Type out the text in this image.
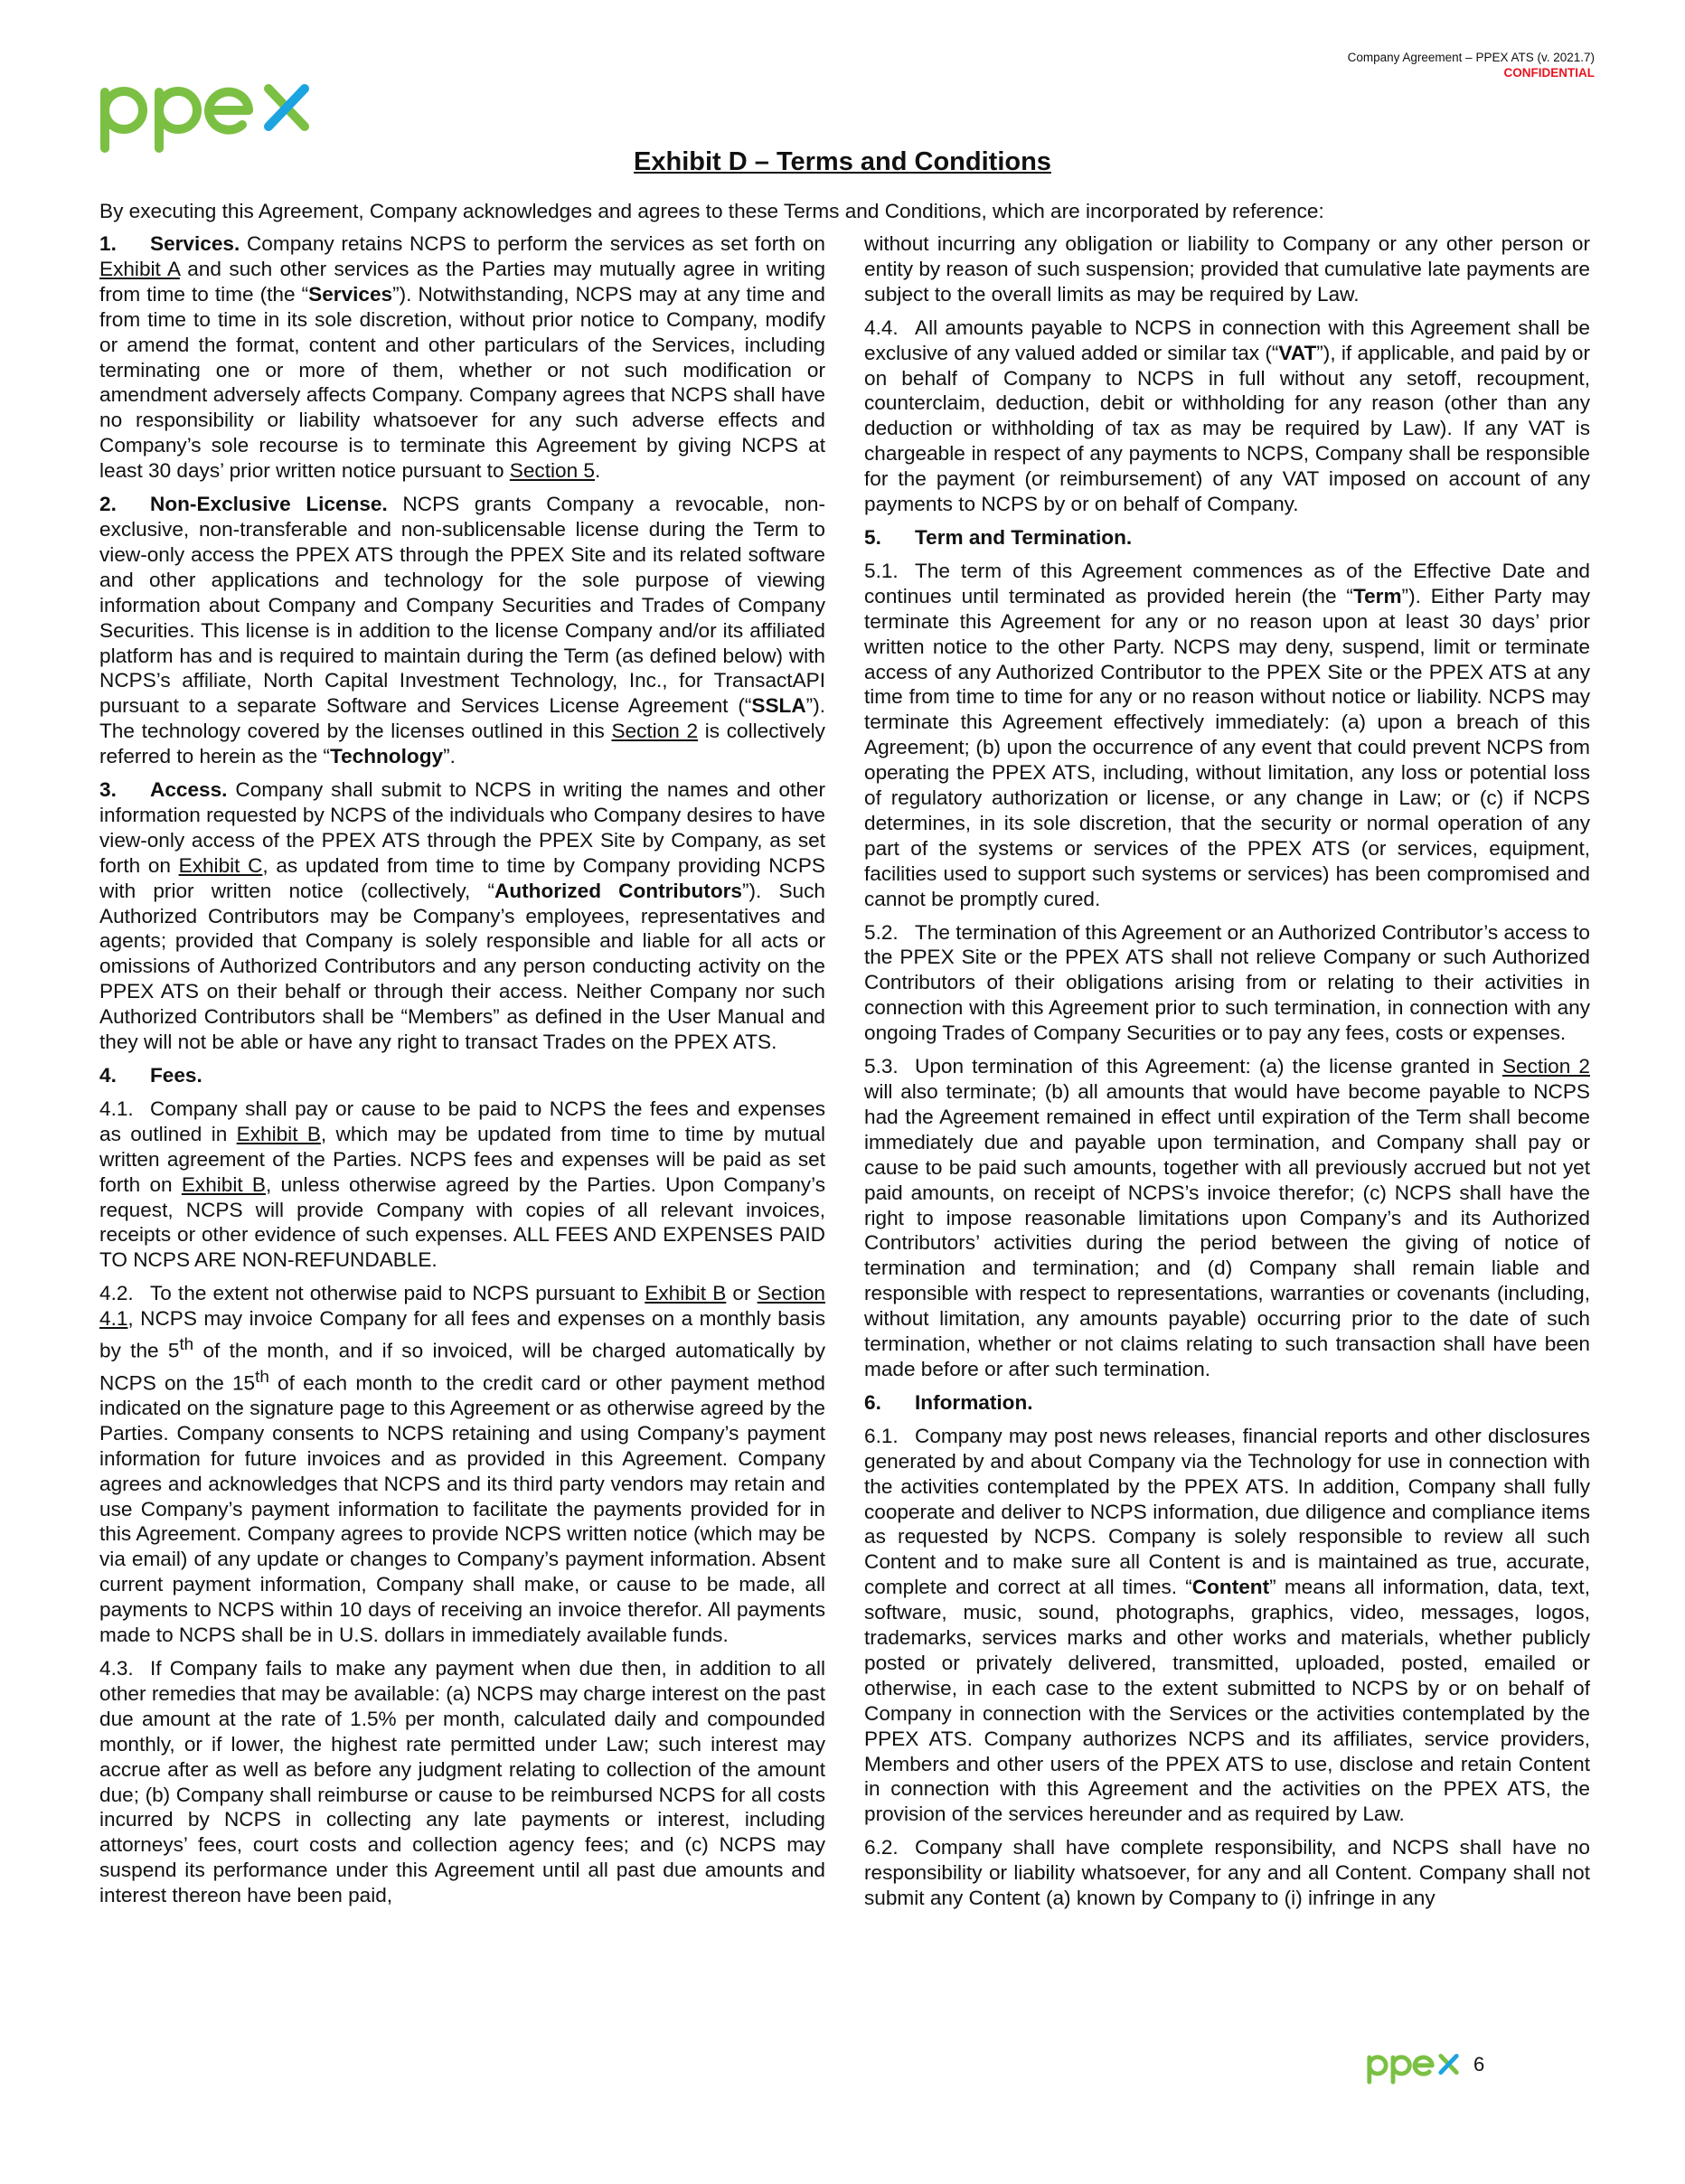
Company Agreement – PPEX ATS (v. 2021.7)
CONFIDENTIAL
Exhibit D – Terms and Conditions
By executing this Agreement, Company acknowledges and agrees to these Terms and Conditions, which are incorporated by reference:

1. Services. Company retains NCPS to perform the services as set forth on Exhibit A and such other services as the Parties may mutually agree in writing from time to time (the “Services”). Notwithstanding, NCPS may at any time and from time to time in its sole discretion, without prior notice to Company, modify or amend the format, content and other particulars of the Services, including terminating one or more of them, whether or not such modification or amendment adversely affects Company. Company agrees that NCPS shall have no responsibility or liability whatsoever for any such adverse effects and Company’s sole recourse is to terminate this Agreement by giving NCPS at least 30 days’ prior written notice pursuant to Section 5.

2. Non-Exclusive License. NCPS grants Company a revocable, non-exclusive, non-transferable and non-sublicensable license during the Term to view-only access the PPEX ATS through the PPEX Site and its related software and other applications and technology for the sole purpose of viewing information about Company and Company Securities and Trades of Company Securities. This license is in addition to the license Company and/or its affiliated platform has and is required to maintain during the Term (as defined below) with NCPS’s affiliate, North Capital Investment Technology, Inc., for TransactAPI pursuant to a separate Software and Services License Agreement (“SSLA”). The technology covered by the licenses outlined in this Section 2 is collectively referred to herein as the “Technology”.

3. Access. Company shall submit to NCPS in writing the names and other information requested by NCPS of the individuals who Company desires to have view-only access of the PPEX ATS through the PPEX Site by Company, as set forth on Exhibit C, as updated from time to time by Company providing NCPS with prior written notice (collectively, “Authorized Contributors”). Such Authorized Contributors may be Company’s employees, representatives and agents; provided that Company is solely responsible and liable for all acts or omissions of Authorized Contributors and any person conducting activity on the PPEX ATS on their behalf or through their access. Neither Company nor such Authorized Contributors shall be “Members” as defined in the User Manual and they will not be able or have any right to transact Trades on the PPEX ATS.

4. Fees.

4.1. Company shall pay or cause to be paid to NCPS the fees and expenses as outlined in Exhibit B, which may be updated from time to time by mutual written agreement of the Parties. NCPS fees and expenses will be paid as set forth on Exhibit B, unless otherwise agreed by the Parties. Upon Company’s request, NCPS will provide Company with copies of all relevant invoices, receipts or other evidence of such expenses. ALL FEES AND EXPENSES PAID TO NCPS ARE NON-REFUNDABLE.

4.2. To the extent not otherwise paid to NCPS pursuant to Exhibit B or Section 4.1, NCPS may invoice Company for all fees and expenses on a monthly basis by the 5th of the month, and if so invoiced, will be charged automatically by NCPS on the 15th of each month to the credit card or other payment method indicated on the signature page to this Agreement or as otherwise agreed by the Parties. Company consents to NCPS retaining and using Company’s payment information for future invoices and as provided in this Agreement. Company agrees and acknowledges that NCPS and its third party vendors may retain and use Company’s payment information to facilitate the payments provided for in this Agreement. Company agrees to provide NCPS written notice (which may be via email) of any update or changes to Company’s payment information. Absent current payment information, Company shall make, or cause to be made, all payments to NCPS within 10 days of receiving an invoice therefor. All payments made to NCPS shall be in U.S. dollars in immediately available funds.

4.3. If Company fails to make any payment when due then, in addition to all other remedies that may be available: (a) NCPS may charge interest on the past due amount at the rate of 1.5% per month, calculated daily and compounded monthly, or if lower, the highest rate permitted under Law; such interest may accrue after as well as before any judgment relating to collection of the amount due; (b) Company shall reimburse or cause to be reimbursed NCPS for all costs incurred by NCPS in collecting any late payments or interest, including attorneys’ fees, court costs and collection agency fees; and (c) NCPS may suspend its performance under this Agreement until all past due amounts and interest thereon have been paid,

without incurring any obligation or liability to Company or any other person or entity by reason of such suspension; provided that cumulative late payments are subject to the overall limits as may be required by Law.

4.4. All amounts payable to NCPS in connection with this Agreement shall be exclusive of any valued added or similar tax (“VAT”), if applicable, and paid by or on behalf of Company to NCPS in full without any setoff, recoupment, counterclaim, deduction, debit or withholding for any reason (other than any deduction or withholding of tax as may be required by Law). If any VAT is chargeable in respect of any payments to NCPS, Company shall be responsible for the payment (or reimbursement) of any VAT imposed on account of any payments to NCPS by or on behalf of Company.

5. Term and Termination.

5.1. The term of this Agreement commences as of the Effective Date and continues until terminated as provided herein (the “Term”). Either Party may terminate this Agreement for any or no reason upon at least 30 days’ prior written notice to the other Party. NCPS may deny, suspend, limit or terminate access of any Authorized Contributor to the PPEX Site or the PPEX ATS at any time from time to time for any or no reason without notice or liability. NCPS may terminate this Agreement effectively immediately: (a) upon a breach of this Agreement; (b) upon the occurrence of any event that could prevent NCPS from operating the PPEX ATS, including, without limitation, any loss or potential loss of regulatory authorization or license, or any change in Law; or (c) if NCPS determines, in its sole discretion, that the security or normal operation of any part of the systems or services of the PPEX ATS (or services, equipment, facilities used to support such systems or services) has been compromised and cannot be promptly cured.

5.2. The termination of this Agreement or an Authorized Contributor’s access to the PPEX Site or the PPEX ATS shall not relieve Company or such Authorized Contributors of their obligations arising from or relating to their activities in connection with this Agreement prior to such termination, in connection with any ongoing Trades of Company Securities or to pay any fees, costs or expenses.

5.3. Upon termination of this Agreement: (a) the license granted in Section 2 will also terminate; (b) all amounts that would have become payable to NCPS had the Agreement remained in effect until expiration of the Term shall become immediately due and payable upon termination, and Company shall pay or cause to be paid such amounts, together with all previously accrued but not yet paid amounts, on receipt of NCPS’s invoice therefor; (c) NCPS shall have the right to impose reasonable limitations upon Company’s and its Authorized Contributors’ activities during the period between the giving of notice of termination and termination; and (d) Company shall remain liable and responsible with respect to representations, warranties or covenants (including, without limitation, any amounts payable) occurring prior to the date of such termination, whether or not claims relating to such transaction shall have been made before or after such termination.

6. Information.

6.1. Company may post news releases, financial reports and other disclosures generated by and about Company via the Technology for use in connection with the activities contemplated by the PPEX ATS. In addition, Company shall fully cooperate and deliver to NCPS information, due diligence and compliance items as requested by NCPS. Company is solely responsible to review all such Content and to make sure all Content is and is maintained as true, accurate, complete and correct at all times. “Content” means all information, data, text, software, music, sound, photographs, graphics, video, messages, logos, trademarks, services marks and other works and materials, whether publicly posted or privately delivered, transmitted, uploaded, posted, emailed or otherwise, in each case to the extent submitted to NCPS by or on behalf of Company in connection with the Services or the activities contemplated by the PPEX ATS. Company authorizes NCPS and its affiliates, service providers, Members and other users of the PPEX ATS to use, disclose and retain Content in connection with this Agreement and the activities on the PPEX ATS, the provision of the services hereunder and as required by Law.

6.2. Company shall have complete responsibility, and NCPS shall have no responsibility or liability whatsoever, for any and all Content. Company shall not submit any Content (a) known by Company to (i) infringe in any

6
